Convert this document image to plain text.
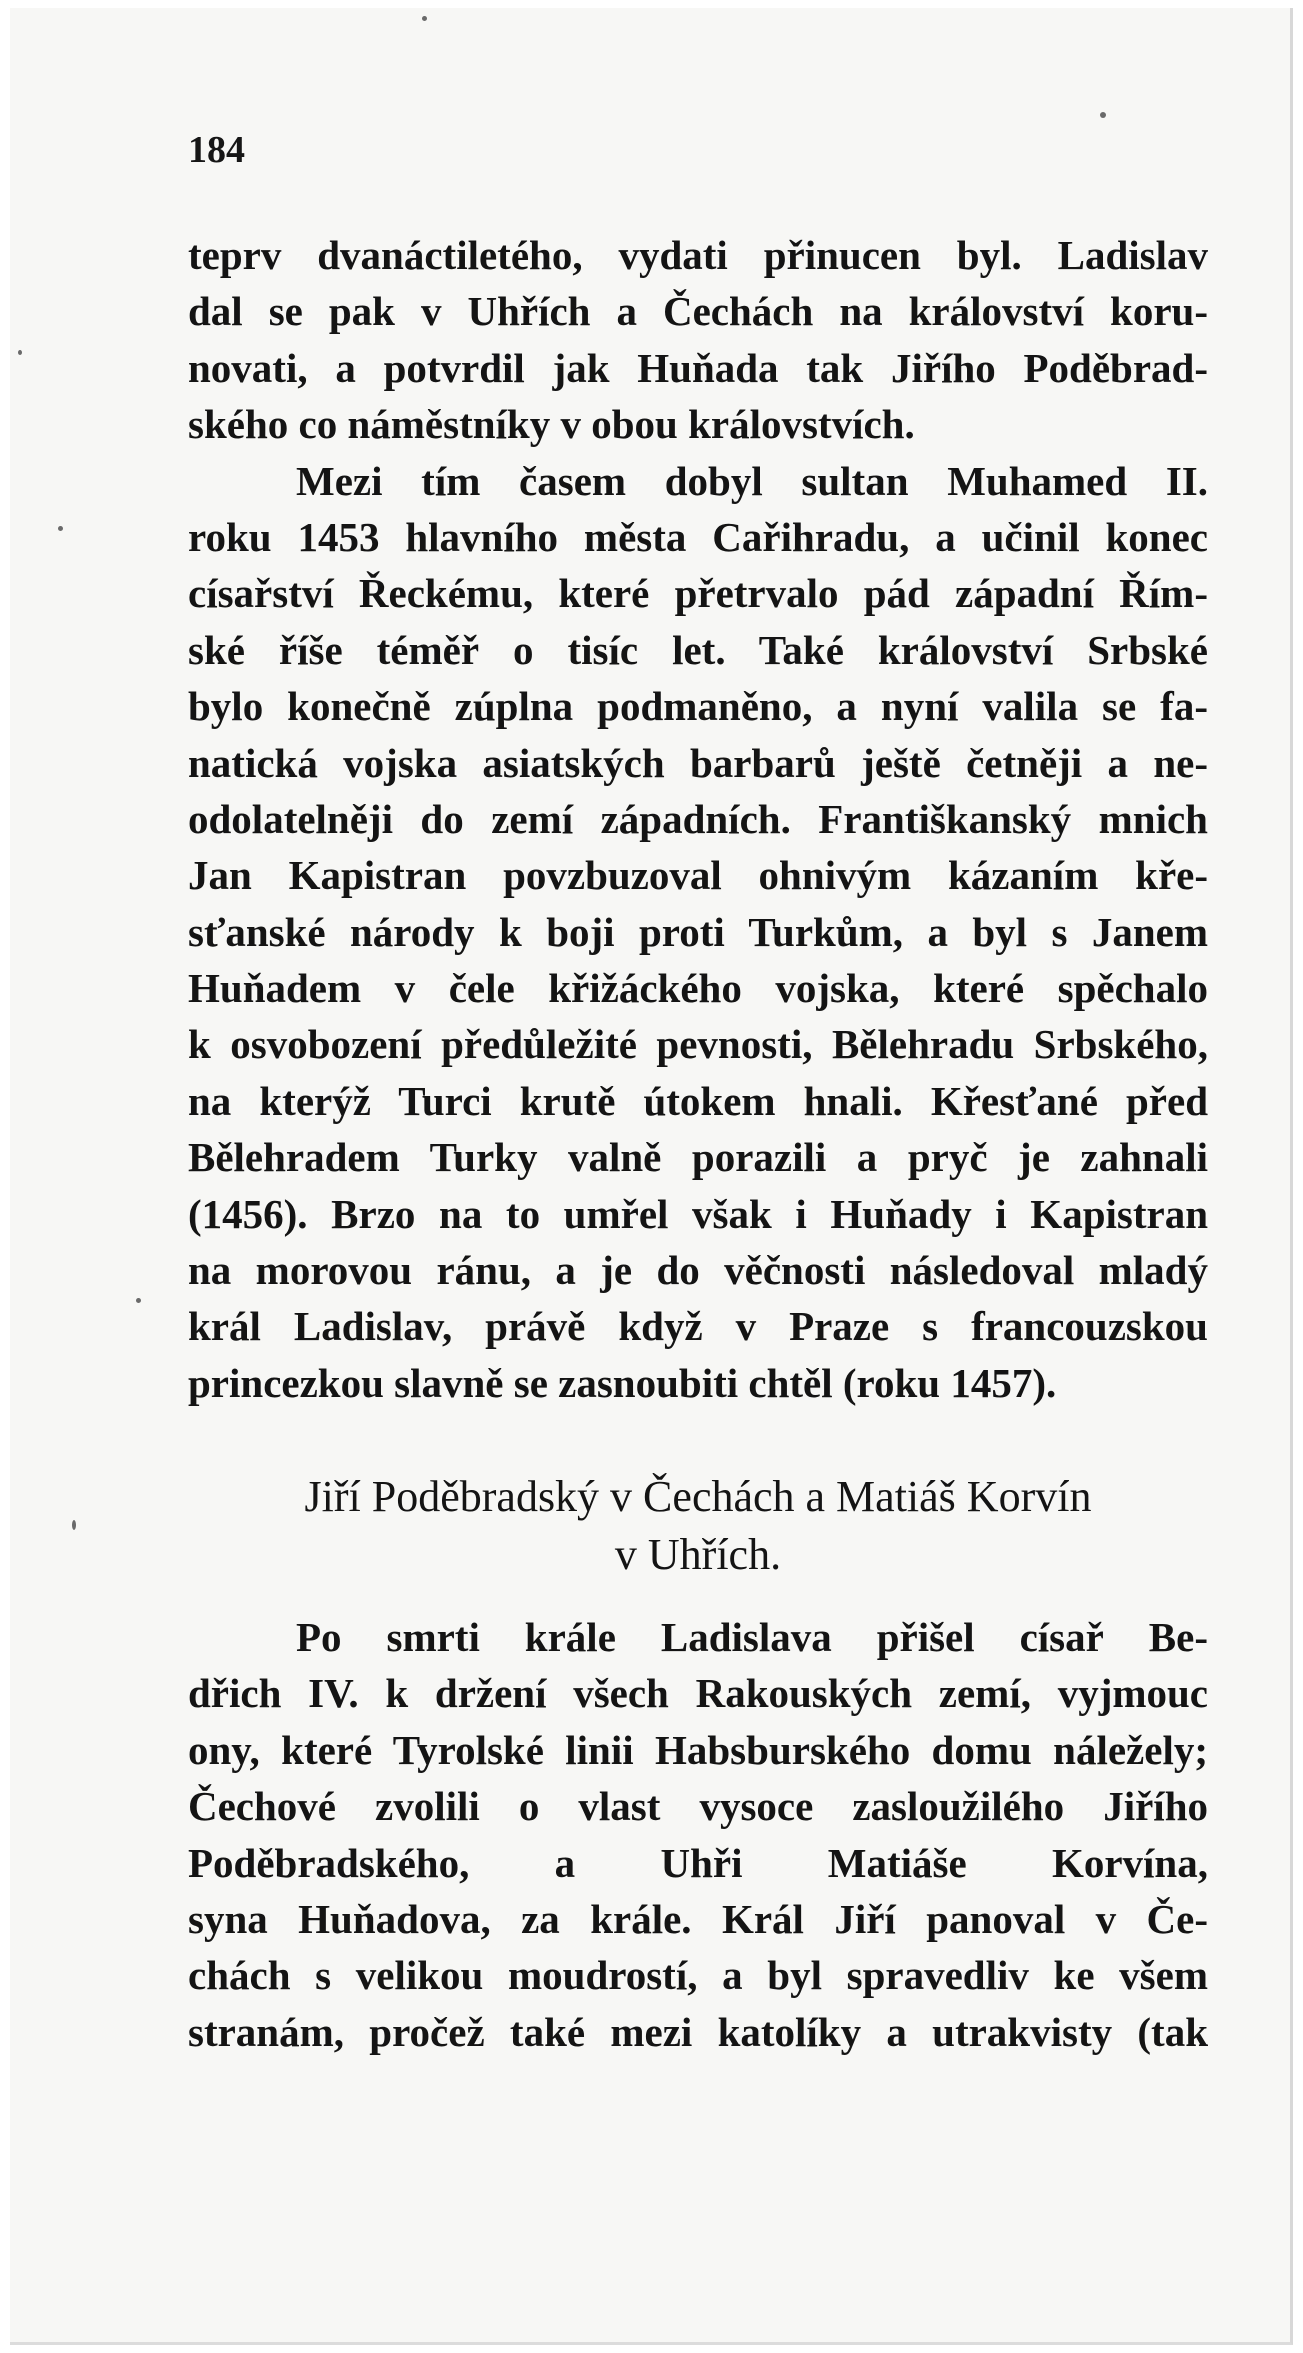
184
teprv dvanáctiletého, vydati přinucen byl. Ladislav
dal se pak v Uhřích a Čechách na království koru-
novati, a potvrdil jak Huňada tak Jiřího Poděbrad-
ského co náměstníky v obou královstvích.
Mezi tím časem dobyl sultan Muhamed II.
roku 1453 hlavního města Cařihradu, a učinil konec
císařství Řeckému, které přetrvalo pád západní Řím-
ské říše téměř o tisíc let. Také království Srbské
bylo konečně zúplna podmaněno, a nyní valila se fa-
natická vojska asiatských barbarů ještě četněji a ne-
odolatelněji do zemí západních. Františkanský mnich
Jan Kapistran povzbuzoval ohnivým kázaním kře-
sťanské národy k boji proti Turkům, a byl s Janem
Huňadem v čele křižáckého vojska, které spěchalo
k osvobození předůležité pevnosti, Bělehradu Srbského,
na kterýž Turci krutě útokem hnali. Křesťané před
Bělehradem Turky valně porazili a pryč je zahnali
(1456). Brzo na to umřel však i Huňady i Kapistran
na morovou ránu, a je do věčnosti následoval mladý
král Ladislav, právě když v Praze s francouzskou
princezkou slavně se zasnoubiti chtěl (roku 1457).
Jiří Poděbradský v Čechách a Matiáš Korvín
v Uhřích.
Po smrti krále Ladislava přišel císař Be-
dřich IV. k držení všech Rakouských zemí, vyjmouc
ony, které Tyrolské linii Habsburského domu náležely;
Čechové zvolili o vlast vysoce zasloužilého Jiřího
Poděbradského, a Uhři Matiáše Korvína,
syna Huňadova, za krále. Král Jiří panoval v Če-
chách s velikou moudrostí, a byl spravedliv ke všem
stranám, pročež také mezi katolíky a utrakvisty (tak
